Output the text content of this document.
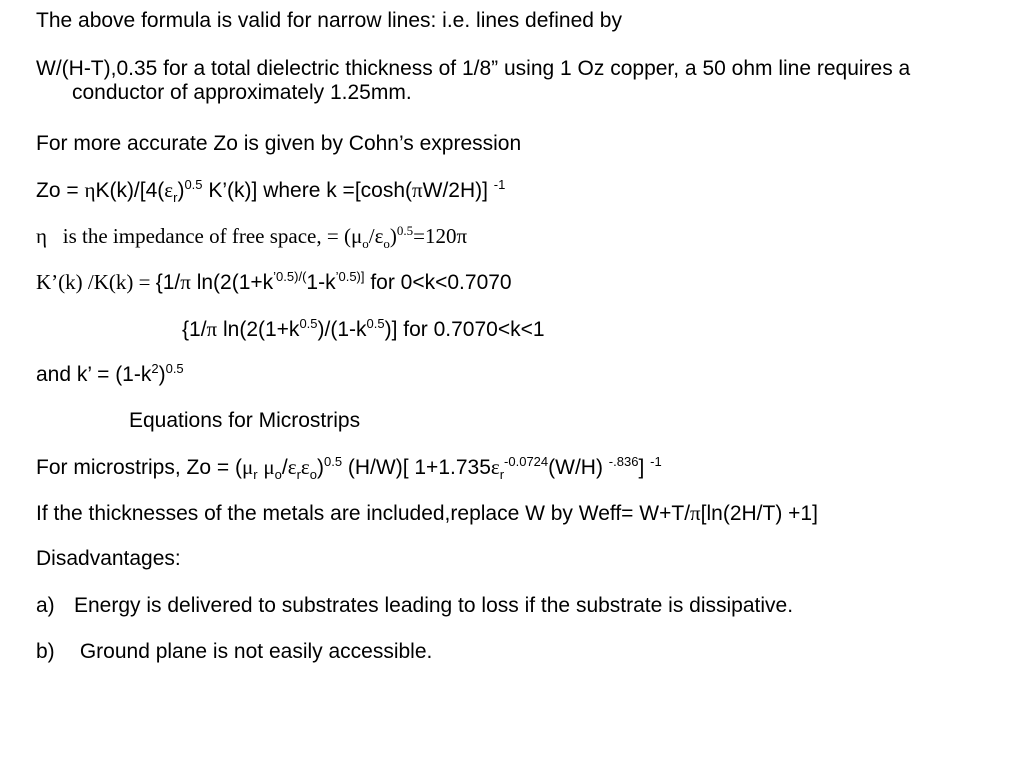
The above formula is valid for narrow lines: i.e. lines defined by
W/(H-T),0.35 for a total dielectric thickness of 1/8” using 1 Oz copper, a 50 ohm line requires a conductor of approximately 1.25mm.
For more accurate Zo is given by Cohn’s expression
$Zo = \eta K(k)/[4(\varepsilon_r)^{0.5}$ K’(k)] where k =[cosh(πW/2H)] $^{-1}$
η   is the impedance of free space, = $(\mu_o/\varepsilon_o)^{0.5}=120\pi$
K’(k) /K(k) = {1/π $\ln(2(1+k^{’0.5)/(}1-k^{’0.5)]}$ for 0<k<0.7070
{1/π $\ln(2(1+k^{0.5})/(1-k^{0.5})]$ for 0.7070<k<1
and k’ = $(1-k^2)^{0.5}$
Equations for Microstrips
For microstrips, $Zo = (\mu_r$ $\mu_o/\varepsilon_r\varepsilon_o)^{0.5}$ (H/W)[ $1+1.735\varepsilon_r^{-0.0724}(W/H)$ $^{-.836}$] $^{-1}$
If the thicknesses of the metals are included,replace W by Weff= W+T/π[ln(2H/T) +1]
Disadvantages:
a) Energy is delivered to substrates leading to loss if the substrate is dissipative.
b) Ground plane is not easily accessible.
